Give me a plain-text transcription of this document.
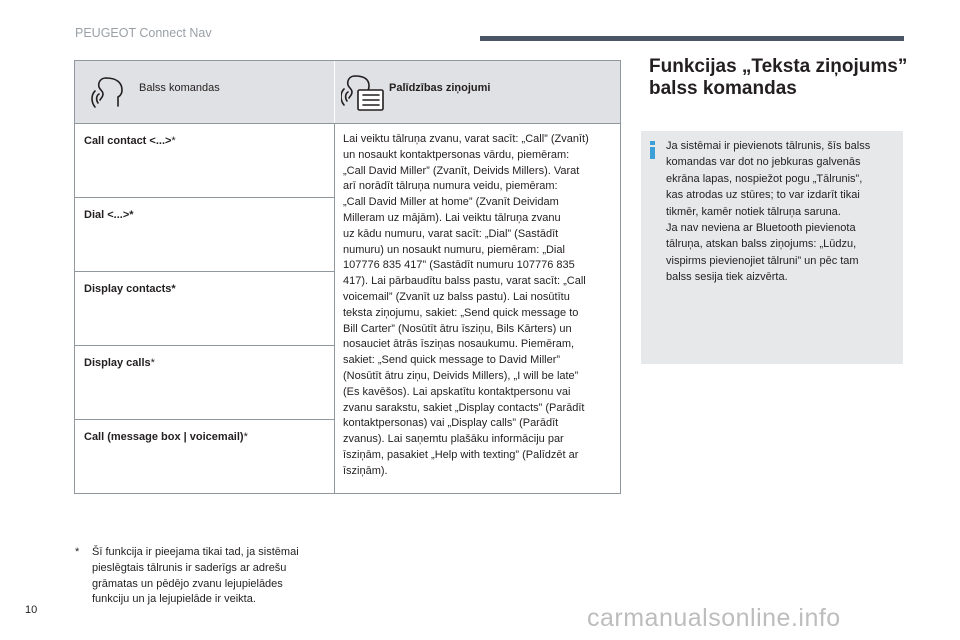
PEUGEOT Connect Nav
Balss komandas	Palīdzības ziņojumi
Call contact <...>*
Dial <...>*
Display contacts*
Display calls*
Call (message box | voicemail)*
Lai veiktu tālruņa zvanu, varat sacīt: „Call” (Zvanīt)
un nosaukt kontaktpersonas vārdu, piemēram:
„Call David Miller” (Zvanīt, Deivids Millers). Varat
arī norādīt tālruņa numura veidu, piemēram:
„Call David Miller at home” (Zvanīt Deividam
Milleram uz mājām). Lai veiktu tālruņa zvanu
uz kādu numuru, varat sacīt: „Dial” (Sastādīt
numuru) un nosaukt numuru, piemēram: „Dial
107776 835 417” (Sastādīt numuru 107776 835
417). Lai pārbaudītu balss pastu, varat sacīt: „Call
voicemail” (Zvanīt uz balss pastu). Lai nosūtītu
teksta ziņojumu, sakiet: „Send quick message to
Bill Carter” (Nosūtīt ātru īsziņu, Bils Kārters) un
nosauciet ātrās īsziņas nosaukumu. Piemēram,
sakiet: „Send quick message to David Miller”
(Nosūtīt ātru ziņu, Deivids Millers), „I will be late”
(Es kavēšos). Lai apskatītu kontaktpersonu vai
zvanu sarakstu, sakiet „Display contacts” (Parādīt
kontaktpersonas) vai „Display calls” (Parādīt
zvanus). Lai saņemtu plašāku informāciju par
īsziņām, pasakiet „Help with texting” (Palīdzēt ar
īsziņām).
* Šī funkcija ir pieejama tikai tad, ja sistēmai
pieslēgtais tālrunis ir saderīgs ar adrešu
grāmatas un pēdējo zvanu lejupielādes
funkciju un ja lejupielāde ir veikta.
Funkcijas „Teksta ziņojums”
balss komandas
Ja sistēmai ir pievienots tālrunis, šīs balss
komandas var dot no jebkuras galvenās
ekrāna lapas, nospiežot pogu „Tālrunis”,
kas atrodas uz stūres; to var izdarīt tikai
tikmēr, kamēr notiek tālruņa saruna.
Ja nav neviena ar Bluetooth pievienota
tālruņa, atskan balss ziņojums: „Lūdzu,
vispirms pievienojiet tālruni” un pēc tam
balss sesija tiek aizvērta.
10	carmanualsonline.info
